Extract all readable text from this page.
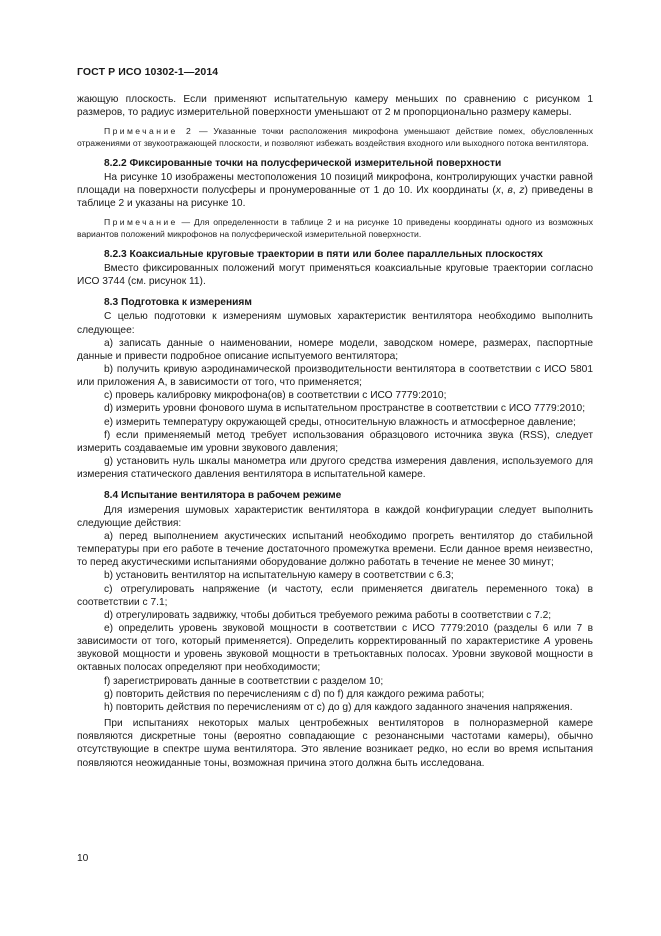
ГОСТ Р ИСО 10302-1—2014

жающую плоскость. Если применяют испытательную камеру меньших по сравнению с рисунком 1 размеров, то радиус измерительной поверхности уменьшают от 2 м пропорционально размеру камеры.

Примечание 2 — Указанные точки расположения микрофона уменьшают действие помех, обусловленных отражениями от звукоотражающей плоскости, и позволяют избежать воздействия входного или выходного потока вентилятора.

8.2.2 Фиксированные точки на полусферической измерительной поверхности

На рисунке 10 изображены местоположения 10 позиций микрофона, контролирующих участки равной площади на поверхности полусферы и пронумерованные от 1 до 10. Их координаты (x, в, z) приведены в таблице 2 и указаны на рисунке 10.

Примечание — Для определенности в таблице 2 и на рисунке 10 приведены координаты одного из возможных вариантов положений микрофонов на полусферической измерительной поверхности.

8.2.3 Коаксиальные круговые траектории в пяти или более параллельных плоскостях

Вместо фиксированных положений могут применяться коаксиальные круговые траектории согласно ИСО 3744 (см. рисунок 11).

8.3 Подготовка к измерениям

С целью подготовки к измерениям шумовых характеристик вентилятора необходимо выполнить следующее:

a) записать данные о наименовании, номере модели, заводском номере, размерах, паспортные данные и привести подробное описание испытуемого вентилятора;

b) получить кривую аэродинамической производительности вентилятора в соответствии с ИСО 5801 или приложения А, в зависимости от того, что применяется;

c) проверь калибровку микрофона(ов) в соответствии с ИСО 7779:2010;

d) измерить уровни фонового шума в испытательном пространстве в соответствии с ИСО 7779:2010;

e) измерить температуру окружающей среды, относительную влажность и атмосферное давление;

f) если применяемый метод требует использования образцового источника звука (RSS), следует измерить создаваемые им уровни звукового давления;

g) установить нуль шкалы манометра или другого средства измерения давления, используемого для измерения статического давления вентилятора в испытательной камере.

8.4 Испытание вентилятора в рабочем режиме

Для измерения шумовых характеристик вентилятора в каждой конфигурации следует выполнить следующие действия:

a) перед выполнением акустических испытаний необходимо прогреть вентилятор до стабильной температуры при его работе в течение достаточного промежутка времени. Если данное время неизвестно, то перед акустическими испытаниями оборудование должно работать в течение не менее 30 минут;

b) установить вентилятор на испытательную камеру в соответствии с 6.3;

c) отрегулировать напряжение (и частоту, если применяется двигатель переменного тока) в соответствии с 7.1;

d) отрегулировать задвижку, чтобы добиться требуемого режима работы в соответствии с 7.2;

e) определить уровень звуковой мощности в соответствии с ИСО 7779:2010 (разделы 6 или 7 в зависимости от того, который применяется). Определить корректированный по характеристике А уровень звуковой мощности и уровень звуковой мощности в третьоктавных полосах. Уровни звуковой мощности в октавных полосах определяют при необходимости;

f) зарегистрировать данные в соответствии с разделом 10;

g) повторить действия по перечислениям с d) по f) для каждого режима работы;

h) повторить действия по перечислениям от с) до g) для каждого заданного значения напряжения.

При испытаниях некоторых малых центробежных вентиляторов в полноразмерной камере появляются дискретные тоны (вероятно совпадающие с резонансными частотами камеры), обычно отсутствующие в спектре шума вентилятора. Это явление возникает редко, но если во время испытания появляются неожиданные тоны, возможная причина этого должна быть исследована.

10
